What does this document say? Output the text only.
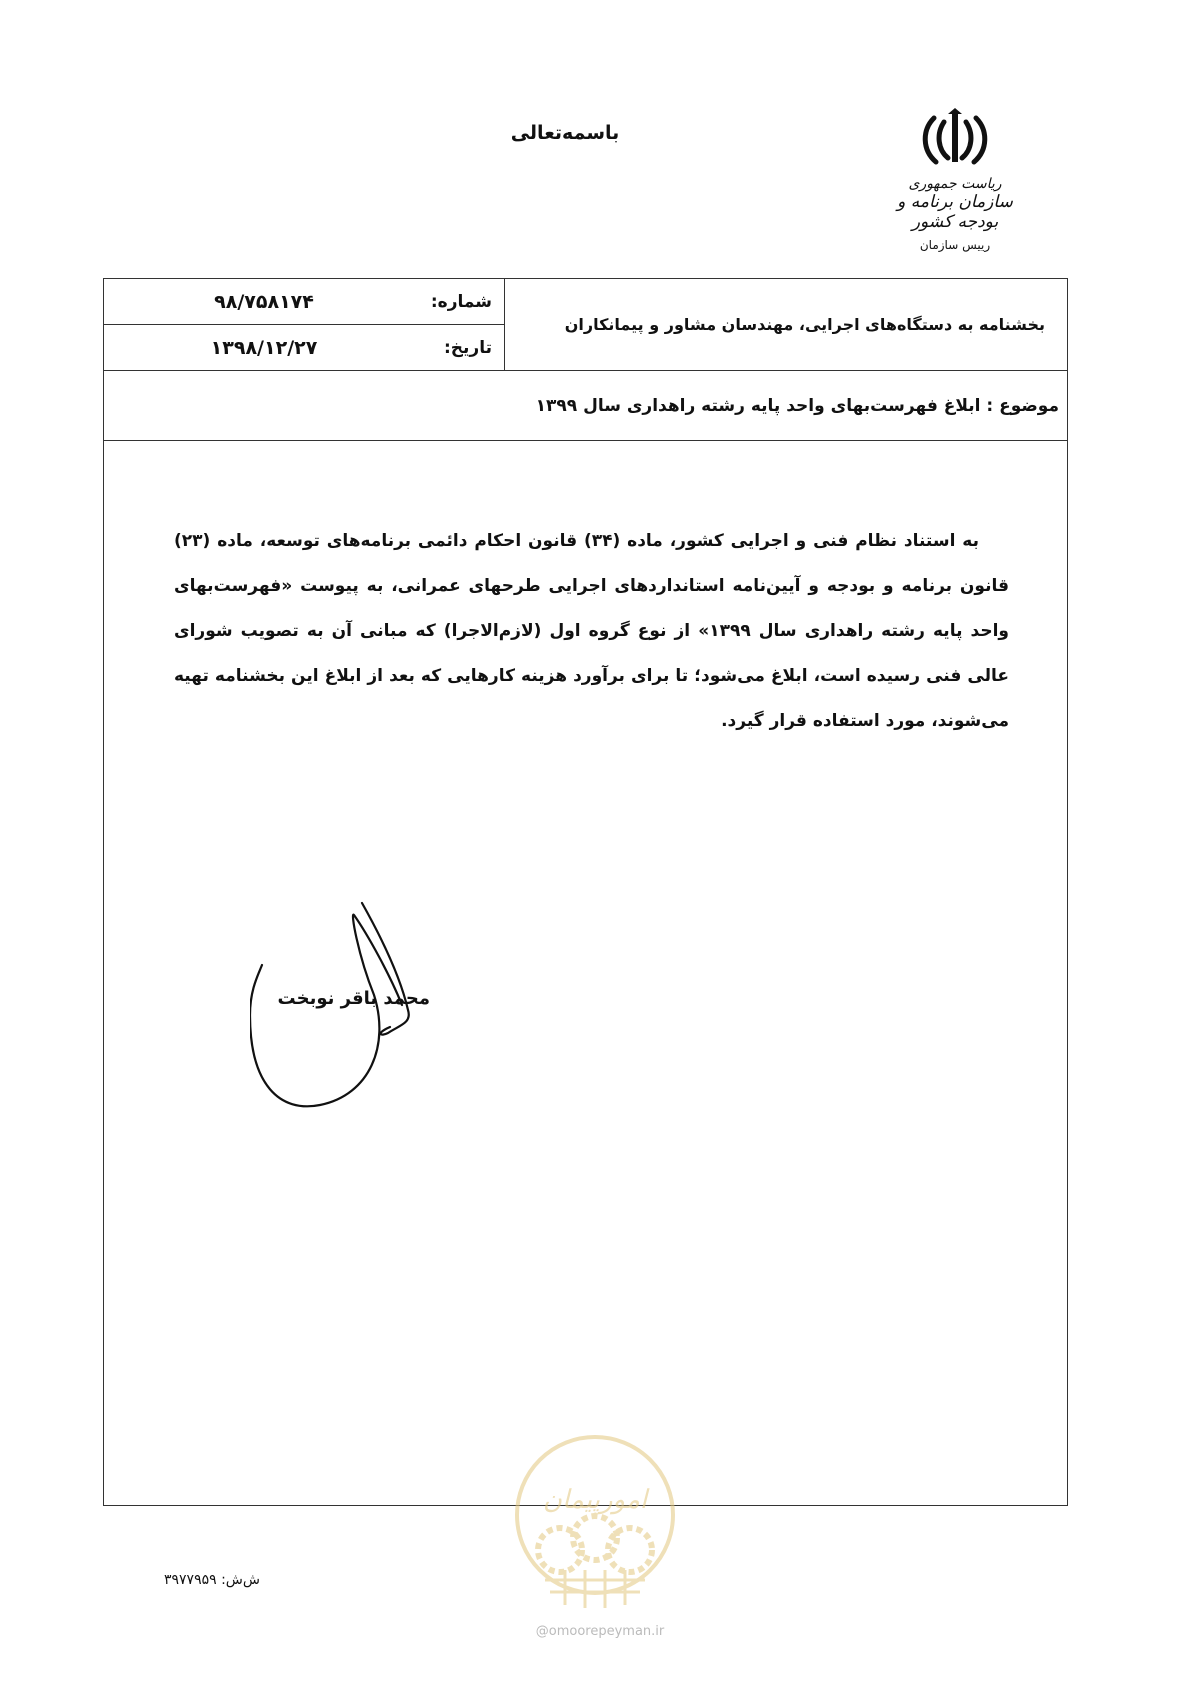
باسمه‌تعالی
ریاست جمهوری
سازمان برنامه و بودجه کشور
رییس سازمان
بخشنامه به دستگاه‌های اجرایی، مهندسان مشاور و پیمانکاران
شماره:
۹۸/۷۵۸۱۷۴
تاریخ:
۱۳۹۸/۱۲/۲۷
موضوع : ابلاغ فهرست‌بهای واحد پایه رشته راهداری سال ۱۳۹۹
به استناد نظام فنی و اجرایی کشور، ماده (۳۴) قانون احکام دائمی برنامه‌های توسعه، ماده (۲۳) قانون برنامه و بودجه و آیین‌نامه استانداردهای اجرایی طرحهای عمرانی، به پیوست «فهرست‌بهای واحد پایه رشته راهداری سال ۱۳۹۹» از نوع گروه اول (لازم‌الاجرا) که مبانی آن به تصویب شورای عالی فنی رسیده است، ابلاغ می‌شود؛ تا برای برآورد هزینه کارهایی که بعد از ابلاغ این بخشنامه تهیه می‌شوند، مورد استفاده قرار گیرد.
محمد باقر نوبخت
امورپیمان
@omoorepeyman.ir
ش‌ش: ۳۹۷۷۹۵۹
